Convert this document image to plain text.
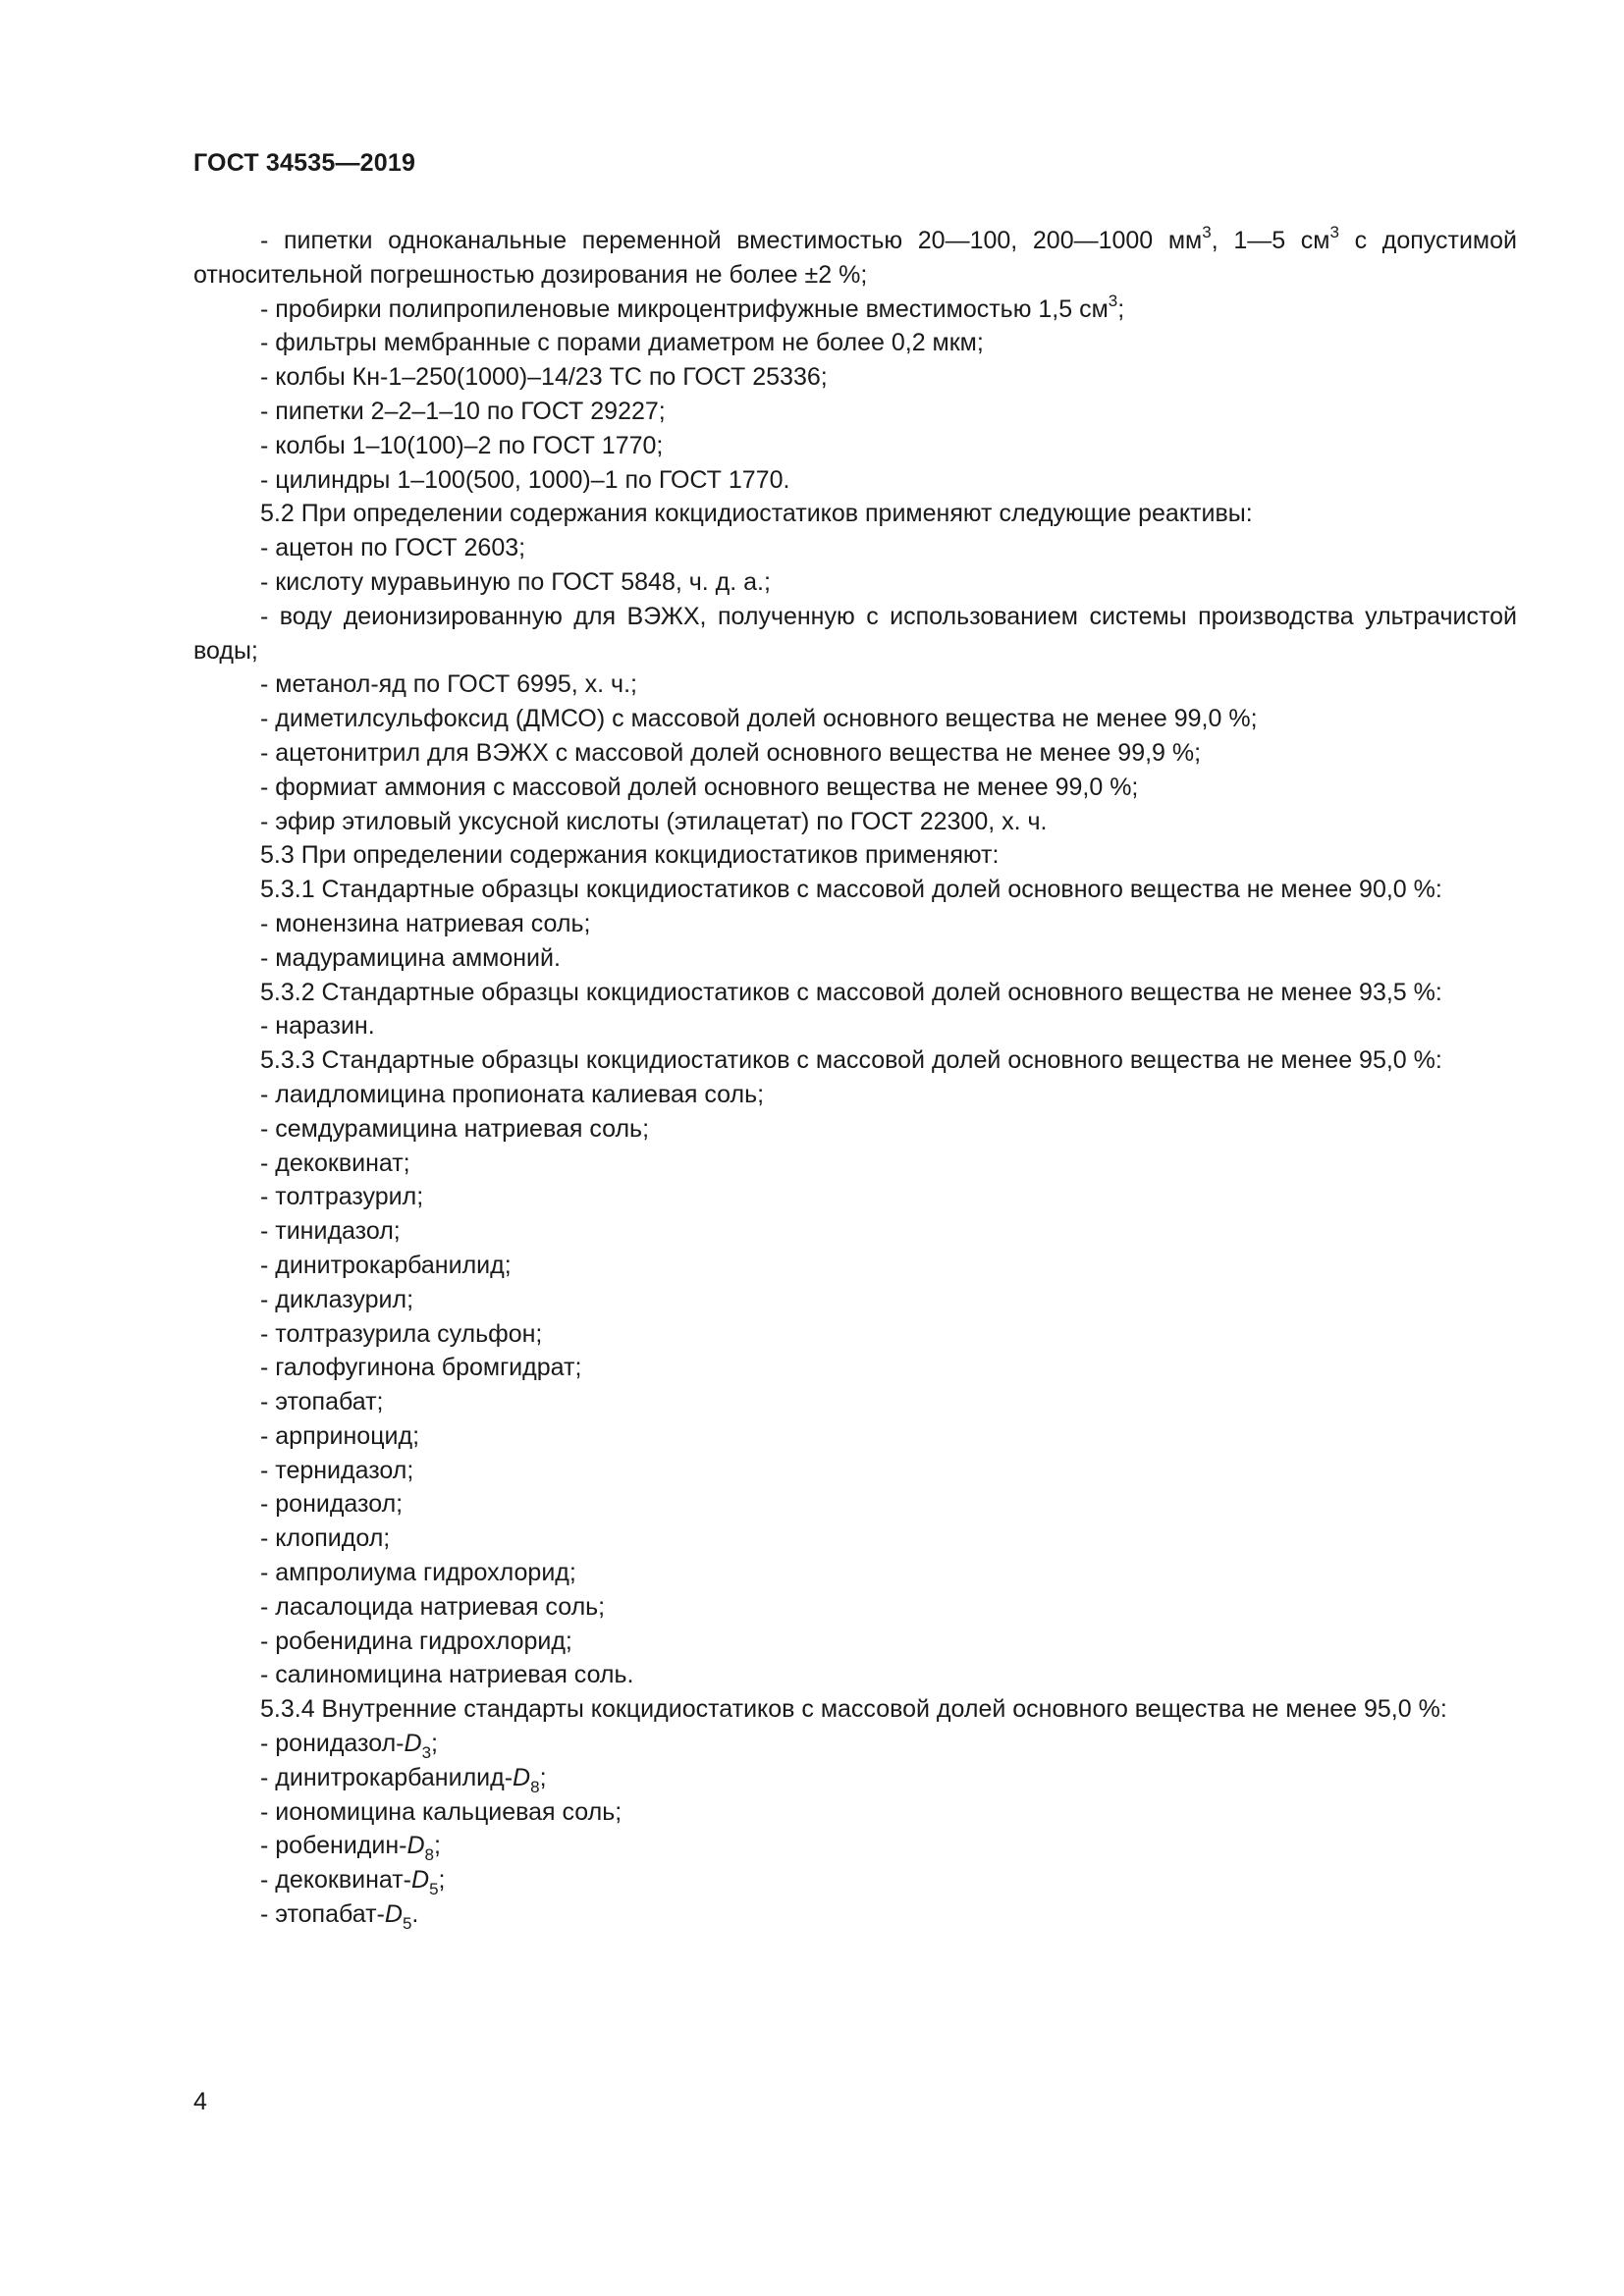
ГОСТ 34535—2019

- пипетки одноканальные переменной вместимостью 20—100, 200—1000 $мм^3$, 1—5 $см^3$ с допустимой относительной погрешностью дозирования не более ±2 %;

- пробирки полипропиленовые микроцентрифужные вместимостью 1,5 $см^3$;

- фильтры мембранные с порами диаметром не более 0,2 мкм;

- колбы Кн-1–250(1000)–14/23 ТС по ГОСТ 25336;

- пипетки 2–2–1–10 по ГОСТ 29227;

- колбы 1–10(100)–2 по ГОСТ 1770;

- цилиндры 1–100(500, 1000)–1 по ГОСТ 1770.

5.2 При определении содержания кокцидиостатиков применяют следующие реактивы:

- ацетон по ГОСТ 2603;

- кислоту муравьиную по ГОСТ 5848, ч. д. а.;

- воду деионизированную для ВЭЖХ, полученную с использованием системы производства ультрачистой воды;

- метанол-яд по ГОСТ 6995, х. ч.;

- диметилсульфоксид (ДМСО) с массовой долей основного вещества не менее 99,0 %;

- ацетонитрил для ВЭЖХ с массовой долей основного вещества не менее 99,9 %;

- формиат аммония с массовой долей основного вещества не менее 99,0 %;

- эфир этиловый уксусной кислоты (этилацетат) по ГОСТ 22300, х. ч.

5.3 При определении содержания кокцидиостатиков применяют:

5.3.1 Стандартные образцы кокцидиостатиков с массовой долей основного вещества не менее 90,0 %:

- монензина натриевая соль;

- мадурамицина аммоний.

5.3.2 Стандартные образцы кокцидиостатиков с массовой долей основного вещества не менее 93,5 %:

- наразин.

5.3.3 Стандартные образцы кокцидиостатиков с массовой долей основного вещества не менее 95,0 %:

- лаидломицина пропионата калиевая соль;

- семдурамицина натриевая соль;

- декоквинат;

- толтразурил;

- тинидазол;

- динитрокарбанилид;

- диклазурил;

- толтразурила сульфон;

- галофугинона бромгидрат;

- этопабат;

- арприноцид;

- тернидазол;

- ронидазол;

- клопидол;

- ампролиума гидрохлорид;

- ласалоцида натриевая соль;

- робенидина гидрохлорид;

- салиномицина натриевая соль.

5.3.4 Внутренние стандарты кокцидиостатиков с массовой долей основного вещества не менее 95,0 %:

- ронидазол-$D_3$;

- динитрокарбанилид-$D_8$;

- иономицина кальциевая соль;

- робенидин-$D_8$;

- декоквинат-$D_5$;

- этопабат-$D_5$.

4
